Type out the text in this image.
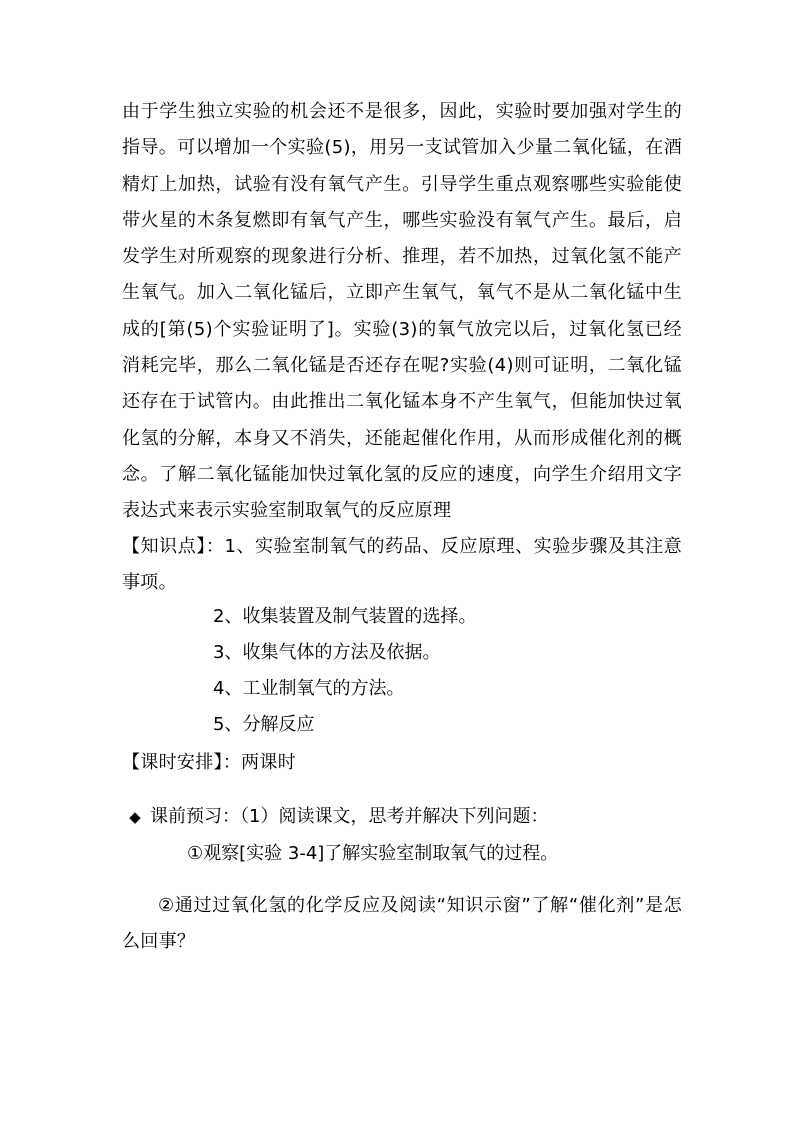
由于学生独立实验的机会还不是很多，因此，实验时要加强对学生的指导。可以增加一个实验(5)，用另一支试管加入少量二氧化锰，在酒精灯上加热，试验有没有氧气产生。引导学生重点观察哪些实验能使带火星的木条复燃即有氧气产生，哪些实验没有氧气产生。最后，启发学生对所观察的现象进行分析、推理，若不加热，过氧化氢不能产生氧气。加入二氧化锰后，立即产生氧气，氧气不是从二氧化锰中生成的[第(5)个实验证明了]。实验(3)的氧气放完以后，过氧化氢已经消耗完毕，那么二氧化锰是否还存在呢?实验(4)则可证明，二氧化锰还存在于试管内。由此推出二氧化锰本身不产生氧气，但能加快过氧化氢的分解，本身又不消失，还能起催化作用，从而形成催化剂的概念。了解二氧化锰能加快过氧化氢的反应的速度，向学生介绍用文字表达式来表示实验室制取氧气的反应原理

【知识点】：1、实验室制氧气的药品、反应原理、实验步骤及其注意事项。

2、收集装置及制气装置的选择。

3、收集气体的方法及依据。

4、工业制氧气的方法。

5、分解反应

【课时安排】：两课时

◆ 课前预习：（1）阅读课文，思考并解决下列问题：

①观察[实验 3-4]了解实验室制取氧气的过程。

②通过过氧化氢的化学反应及阅读“知识示窗”了解“催化剂”是怎么回事？
